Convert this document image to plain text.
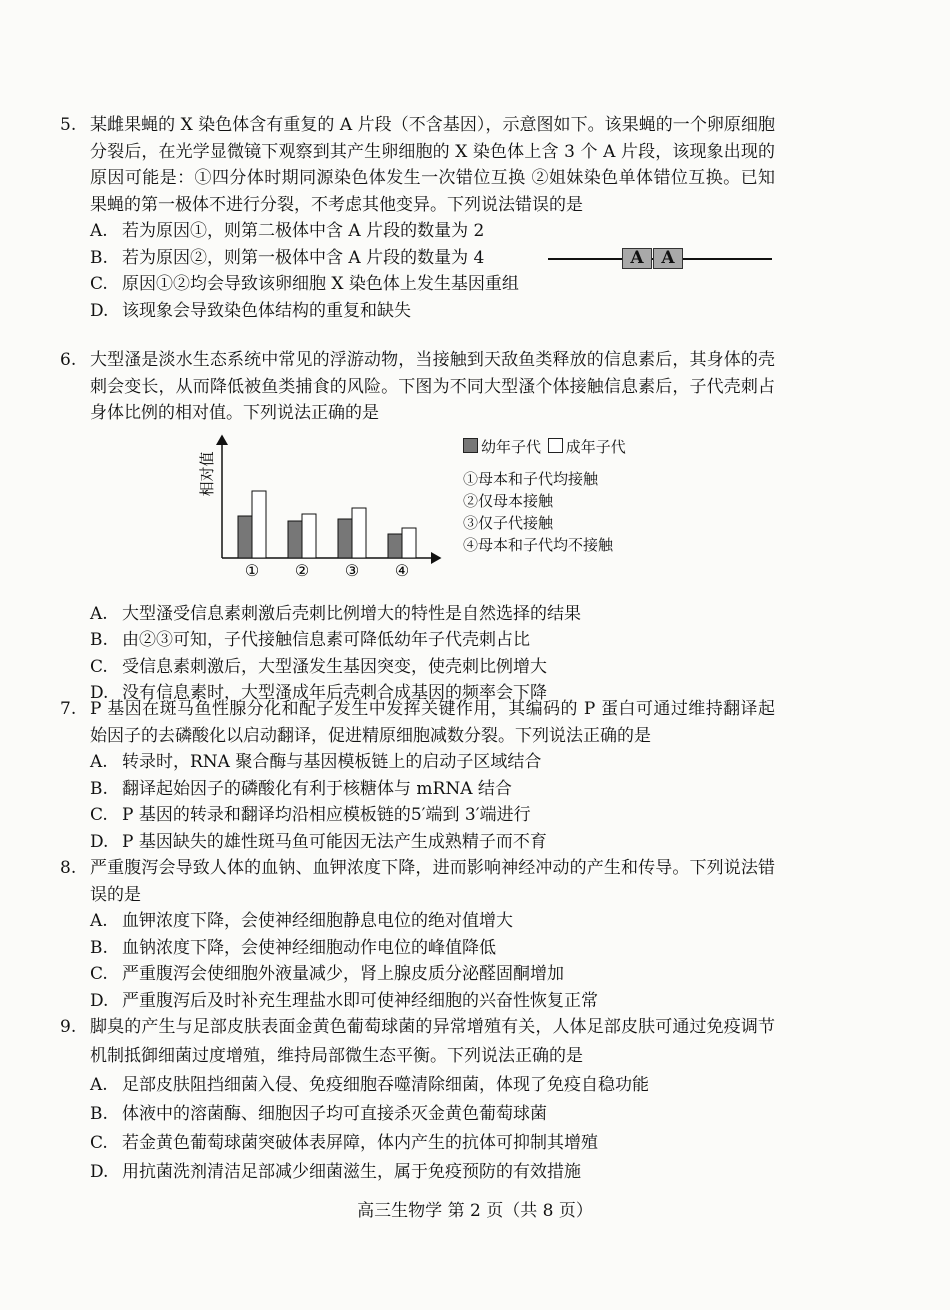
5. 某雌果蝇的 X 染色体含有重复的 A 片段（不含基因），示意图如下。该果蝇的一个卵原细胞分裂后，在光学显微镜下观察到其产生卵细胞的 X 染色体上含 3 个 A 片段，该现象出现的原因可能是：①四分体时期同源染色体发生一次错位互换 ②姐妹染色单体错位互换。已知果蝇的第一极体不进行分裂，不考虑其他变异。下列说法错误的是
A. 若为原因①，则第二极体中含 A 片段的数量为 2
B. 若为原因②，则第一极体中含 A 片段的数量为 4
C. 原因①②均会导致该卵细胞 X 染色体上发生基因重组
D. 该现象会导致染色体结构的重复和缺失
A	A
6. 大型溞是淡水生态系统中常见的浮游动物，当接触到天敌鱼类释放的信息素后，其身体的壳刺会变长，从而降低被鱼类捕食的风险。下图为不同大型溞个体接触信息素后，子代壳刺占身体比例的相对值。下列说法正确的是
A. 大型溞受信息素刺激后壳刺比例增大的特性是自然选择的结果
B. 由②③可知，子代接触信息素可降低幼年子代壳刺占比
C. 受信息素刺激后，大型溞发生基因突变，使壳刺比例增大
D. 没有信息素时，大型溞成年后壳刺合成基因的频率会下降
相对值
① ② ③ ④
幼年子代 成年子代
①母本和子代均接触
②仅母本接触
③仅子代接触
④母本和子代均不接触
7. P 基因在斑马鱼性腺分化和配子发生中发挥关键作用，其编码的 P 蛋白可通过维持翻译起始因子的去磷酸化以启动翻译，促进精原细胞减数分裂。下列说法正确的是
A. 转录时，RNA 聚合酶与基因模板链上的启动子区域结合
B. 翻译起始因子的磷酸化有利于核糖体与 mRNA 结合
C. P 基因的转录和翻译均沿相应模板链的5′端到 3′端进行
D. P 基因缺失的雄性斑马鱼可能因无法产生成熟精子而不育
8. 严重腹泻会导致人体的血钠、血钾浓度下降，进而影响神经冲动的产生和传导。下列说法错误的是
A. 血钾浓度下降，会使神经细胞静息电位的绝对值增大
B. 血钠浓度下降，会使神经细胞动作电位的峰值降低
C. 严重腹泻会使细胞外液量减少，肾上腺皮质分泌醛固酮增加
D. 严重腹泻后及时补充生理盐水即可使神经细胞的兴奋性恢复正常
9. 脚臭的产生与足部皮肤表面金黄色葡萄球菌的异常增殖有关，人体足部皮肤可通过免疫调节机制抵御细菌过度增殖，维持局部微生态平衡。下列说法正确的是
A. 足部皮肤阻挡细菌入侵、免疫细胞吞噬清除细菌，体现了免疫自稳功能
B. 体液中的溶菌酶、细胞因子均可直接杀灭金黄色葡萄球菌
C. 若金黄色葡萄球菌突破体表屏障，体内产生的抗体可抑制其增殖
D. 用抗菌洗剂清洁足部减少细菌滋生，属于免疫预防的有效措施
高三生物学 第 2 页（共 8 页）
